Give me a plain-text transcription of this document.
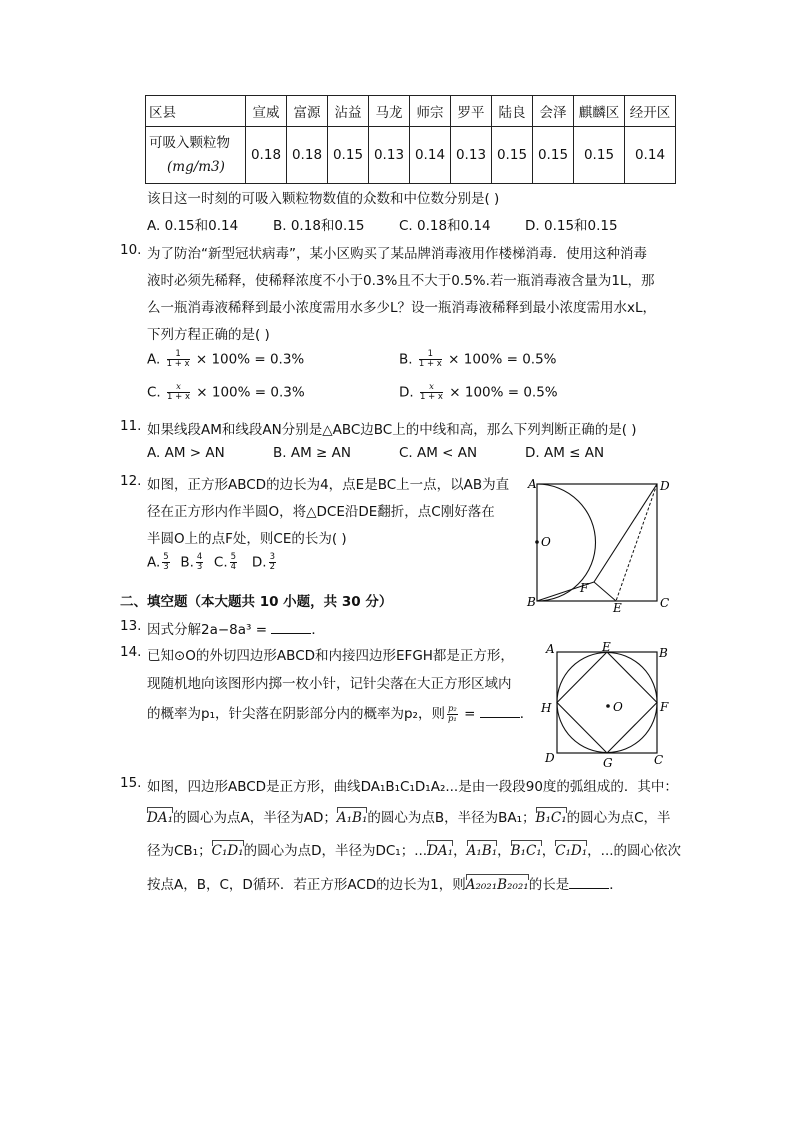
区县	宣威	富源	沾益	马龙	师宗	罗平	陆良	会泽	麒麟区	经开区

可吸入颗粒物
(mg/m3)	0.18	0.18	0.15	0.13	0.14	0.13	0.15	0.15	0.15	0.14
该日这一时刻的可吸入颗粒物数值的众数和中位数分别是( )
A. 0.15和0.14	B. 0.18和0.15	C. 0.18和0.14	D. 0.15和0.15
10. 为了防治“新型冠状病毒”，某小区购买了某品牌消毒液用作楼梯消毒．使用这种消毒
液时必须先稀释，使稀释浓度不小于0.3%且不大于0.5%.若一瓶消毒液含量为1L，那
么一瓶消毒液稀释到最小浓度需用水多少L？设一瓶消毒液稀释到最小浓度需用水xL，
下列方程正确的是( )
A. $\frac{1}{1 + x} \times 100\% = 0.3\%$	B. $\frac{1}{1 + x} \times 100\% = 0.5\%$
C. $\frac{x}{1 + x} \times 100\% = 0.3\%$	D. $\frac{x}{1 + x} \times 100\% = 0.5\%$
11. 如果线段AM和线段AN分别是△ABC边BC上的中线和高，那么下列判断正确的是( )
A. AM > AN	B. AM ≥ AN	C. AM < AN	D. AM ≤ AN
12. 如图，正方形ABCD的边长为4，点E是BC上一点，以AB为直
径在正方形内作半圆O，将△DCE沿DE翻折，点C刚好落在
半圆O上的点F处，则CE的长为( )
A. $\frac{5}{3} B$. $\frac{4}{3} C$. $\frac{5}{4} D$. $\frac{3}{2}$
A	D
B	C
E
F
O
二、填空题（本大题共 10 小题，共 30 分）
13. 因式分解2a−8a³ =	．
14. 已知⊙O的外切四边形ABCD和内接四边形EFGH都是正方形，
现随机地向该图形内掷一枚小针，记针尖落在大正方形区域内
的概率为p₁，针尖落在阴影部分内的概率为p₂，则 $\frac{\text{p₂}}{\text{p₁}}$ =	．
A	E	B
H	O	F
D	G	C
15. 如图，四边形ABCD是正方形，曲线DA₁B₁C₁D₁A₂...是由一段段90度的弧组成的．其中：
DA₁的圆心为点A，半径为AD；A₁B₁的圆心为点B，半径为BA₁；B₁C₁的圆心为点C，半
径为CB₁；C₁D₁的圆心为点D，半径为DC₁；...DA₁，A₁B₁，B₁C₁，C₁D₁，...的圆心依次
按点A，B，C，D循环．若正方形ACD的边长为1，则A₂₀₂₁B₂₀₂₁的长是	．
